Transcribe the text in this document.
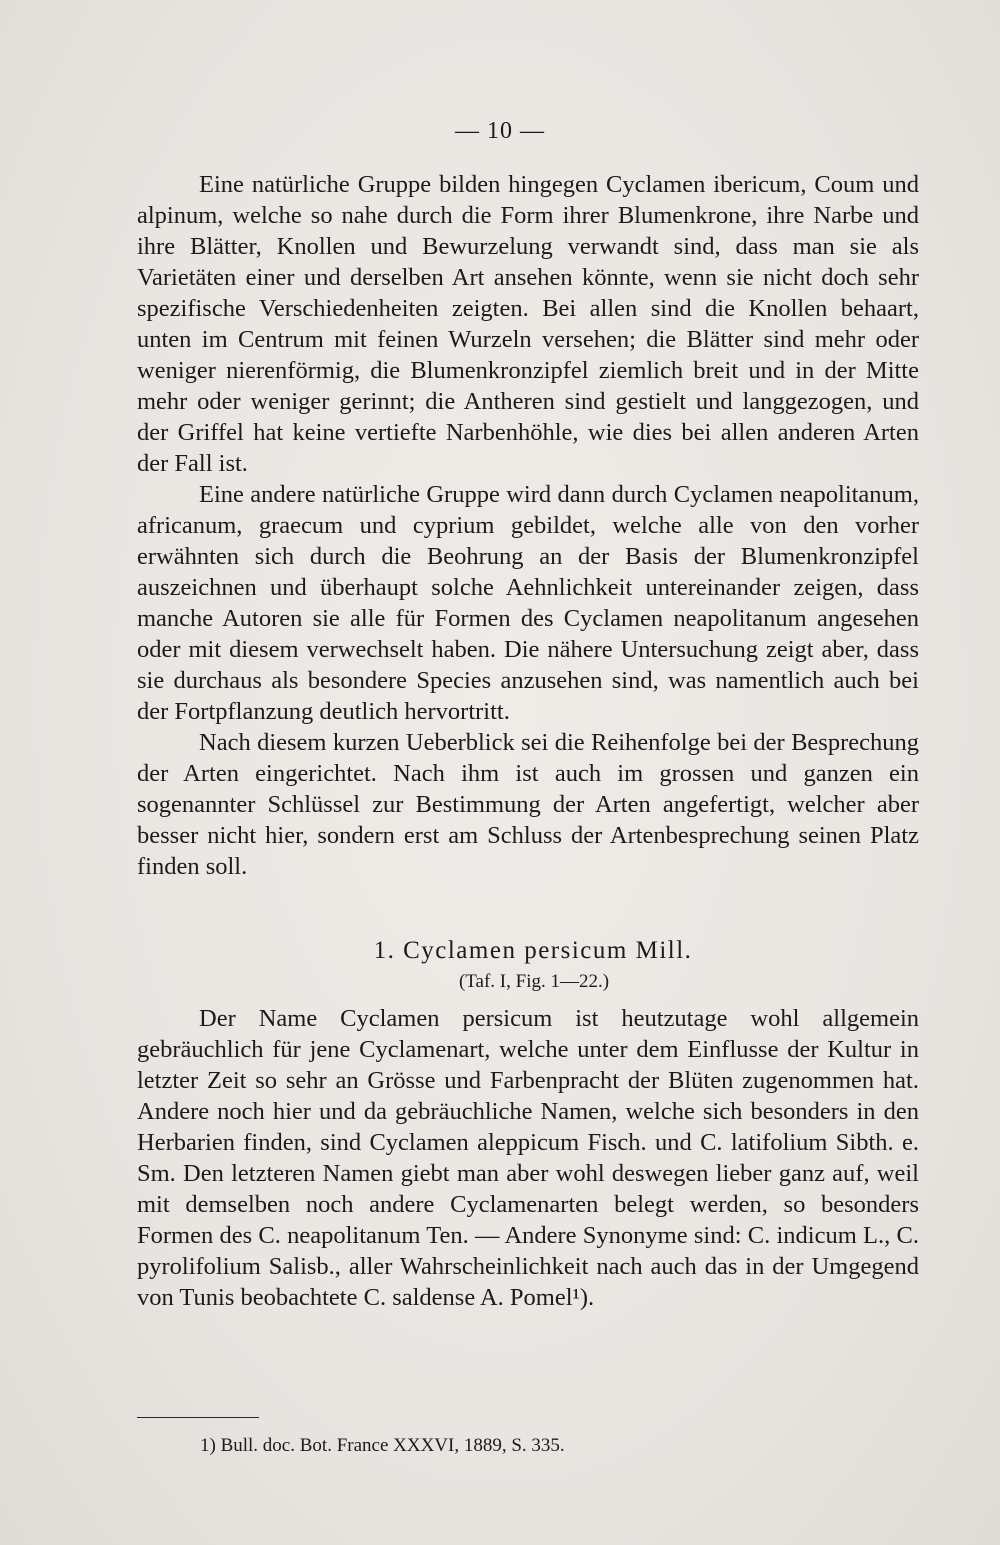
— 10 —

Eine natürliche Gruppe bilden hingegen Cyclamen ibericum, Coum und alpinum, welche so nahe durch die Form ihrer Blumenkrone, ihre Narbe und ihre Blätter, Knollen und Bewurzelung verwandt sind, dass man sie als Varietäten einer und derselben Art ansehen könnte, wenn sie nicht doch sehr spezifische Verschiedenheiten zeigten. Bei allen sind die Knollen behaart, unten im Centrum mit feinen Wurzeln versehen; die Blätter sind mehr oder weniger nierenförmig, die Blumenkronzipfel ziemlich breit und in der Mitte mehr oder weniger gerinnt; die Antheren sind gestielt und langgezogen, und der Griffel hat keine vertiefte Narbenhöhle, wie dies bei allen anderen Arten der Fall ist.

Eine andere natürliche Gruppe wird dann durch Cyclamen neapolitanum, africanum, graecum und cyprium gebildet, welche alle von den vorher erwähnten sich durch die Beohrung an der Basis der Blumenkronzipfel auszeichnen und überhaupt solche Aehnlichkeit untereinander zeigen, dass manche Autoren sie alle für Formen des Cyclamen neapolitanum angesehen oder mit diesem verwechselt haben. Die nähere Untersuchung zeigt aber, dass sie durchaus als besondere Species anzusehen sind, was namentlich auch bei der Fortpflanzung deutlich hervortritt.

Nach diesem kurzen Ueberblick sei die Reihenfolge bei der Besprechung der Arten eingerichtet. Nach ihm ist auch im grossen und ganzen ein sogenannter Schlüssel zur Bestimmung der Arten angefertigt, welcher aber besser nicht hier, sondern erst am Schluss der Artenbesprechung seinen Platz finden soll.

1. Cyclamen persicum Mill.
(Taf. I, Fig. 1—22.)

Der Name Cyclamen persicum ist heutzutage wohl allgemein gebräuchlich für jene Cyclamenart, welche unter dem Einflusse der Kultur in letzter Zeit so sehr an Grösse und Farbenpracht der Blüten zugenommen hat. Andere noch hier und da gebräuchliche Namen, welche sich besonders in den Herbarien finden, sind Cyclamen aleppicum Fisch. und C. latifolium Sibth. e. Sm. Den letzteren Namen giebt man aber wohl deswegen lieber ganz auf, weil mit demselben noch andere Cyclamenarten belegt werden, so besonders Formen des C. neapolitanum Ten. — Andere Synonyme sind: C. indicum L., C. pyrolifolium Salisb., aller Wahrscheinlichkeit nach auch das in der Umgegend von Tunis beobachtete C. saldense A. Pomel¹).

1) Bull. doc. Bot. France XXXVI, 1889, S. 335.
